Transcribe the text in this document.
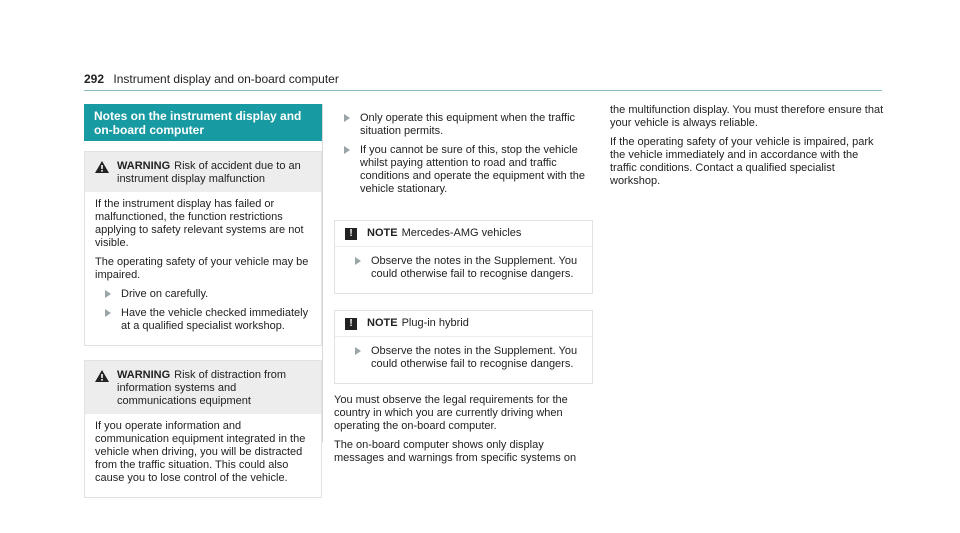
292 Instrument display and on-board computer
Notes on the instrument display and on-board computer
WARNING Risk of accident due to an instrument display malfunction

If the instrument display has failed or malfunctioned, the function restrictions applying to safety relevant systems are not visible.

The operating safety of your vehicle may be impaired.

Drive on carefully.
Have the vehicle checked immediately at a qualified specialist workshop.
WARNING Risk of distraction from information systems and communications equipment

If you operate information and communication equipment integrated in the vehicle when driving, you will be distracted from the traffic situation. This could also cause you to lose control of the vehicle.

Only operate this equipment when the traffic situation permits.
If you cannot be sure of this, stop the vehicle whilst paying attention to road and traffic conditions and operate the equipment with the vehicle stationary.
!	NOTE Mercedes-AMG vehicles
Observe the notes in the Supplement. You could otherwise fail to recognise dangers.
!	NOTE Plug-in hybrid
Observe the notes in the Supplement. You could otherwise fail to recognise dangers.

You must observe the legal requirements for the country in which you are currently driving when operating the on-board computer.

The on-board computer shows only display messages and warnings from specific systems on

the multifunction display. You must therefore ensure that your vehicle is always reliable.

If the operating safety of your vehicle is impaired, park the vehicle immediately and in accordance with the traffic conditions. Contact a qualified specialist workshop.
